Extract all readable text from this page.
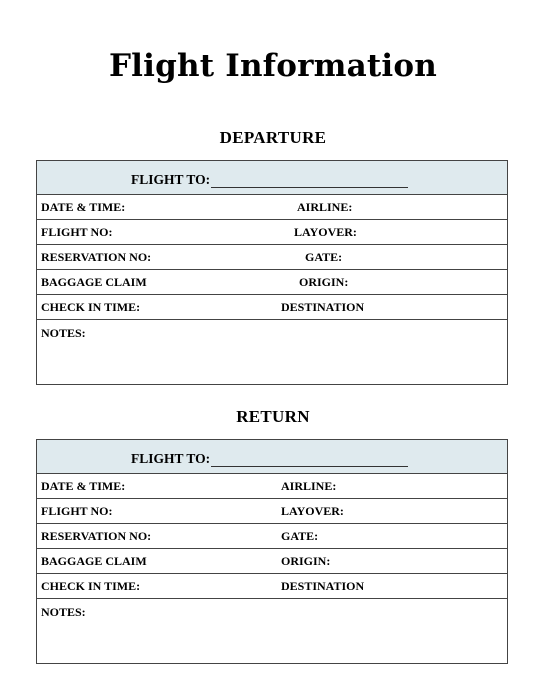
Flight Information
DEPARTURE
FLIGHT TO:
DATE & TIME:	AIRLINE:
FLIGHT NO:	LAYOVER:
RESERVATION NO:	GATE:
BAGGAGE CLAIM	ORIGIN:
CHECK IN TIME:	DESTINATION
NOTES:
RETURN
FLIGHT TO:
DATE & TIME:	AIRLINE:
FLIGHT NO:	LAYOVER:
RESERVATION NO:	GATE:
BAGGAGE CLAIM	ORIGIN:
CHECK IN TIME:	DESTINATION
NOTES:
